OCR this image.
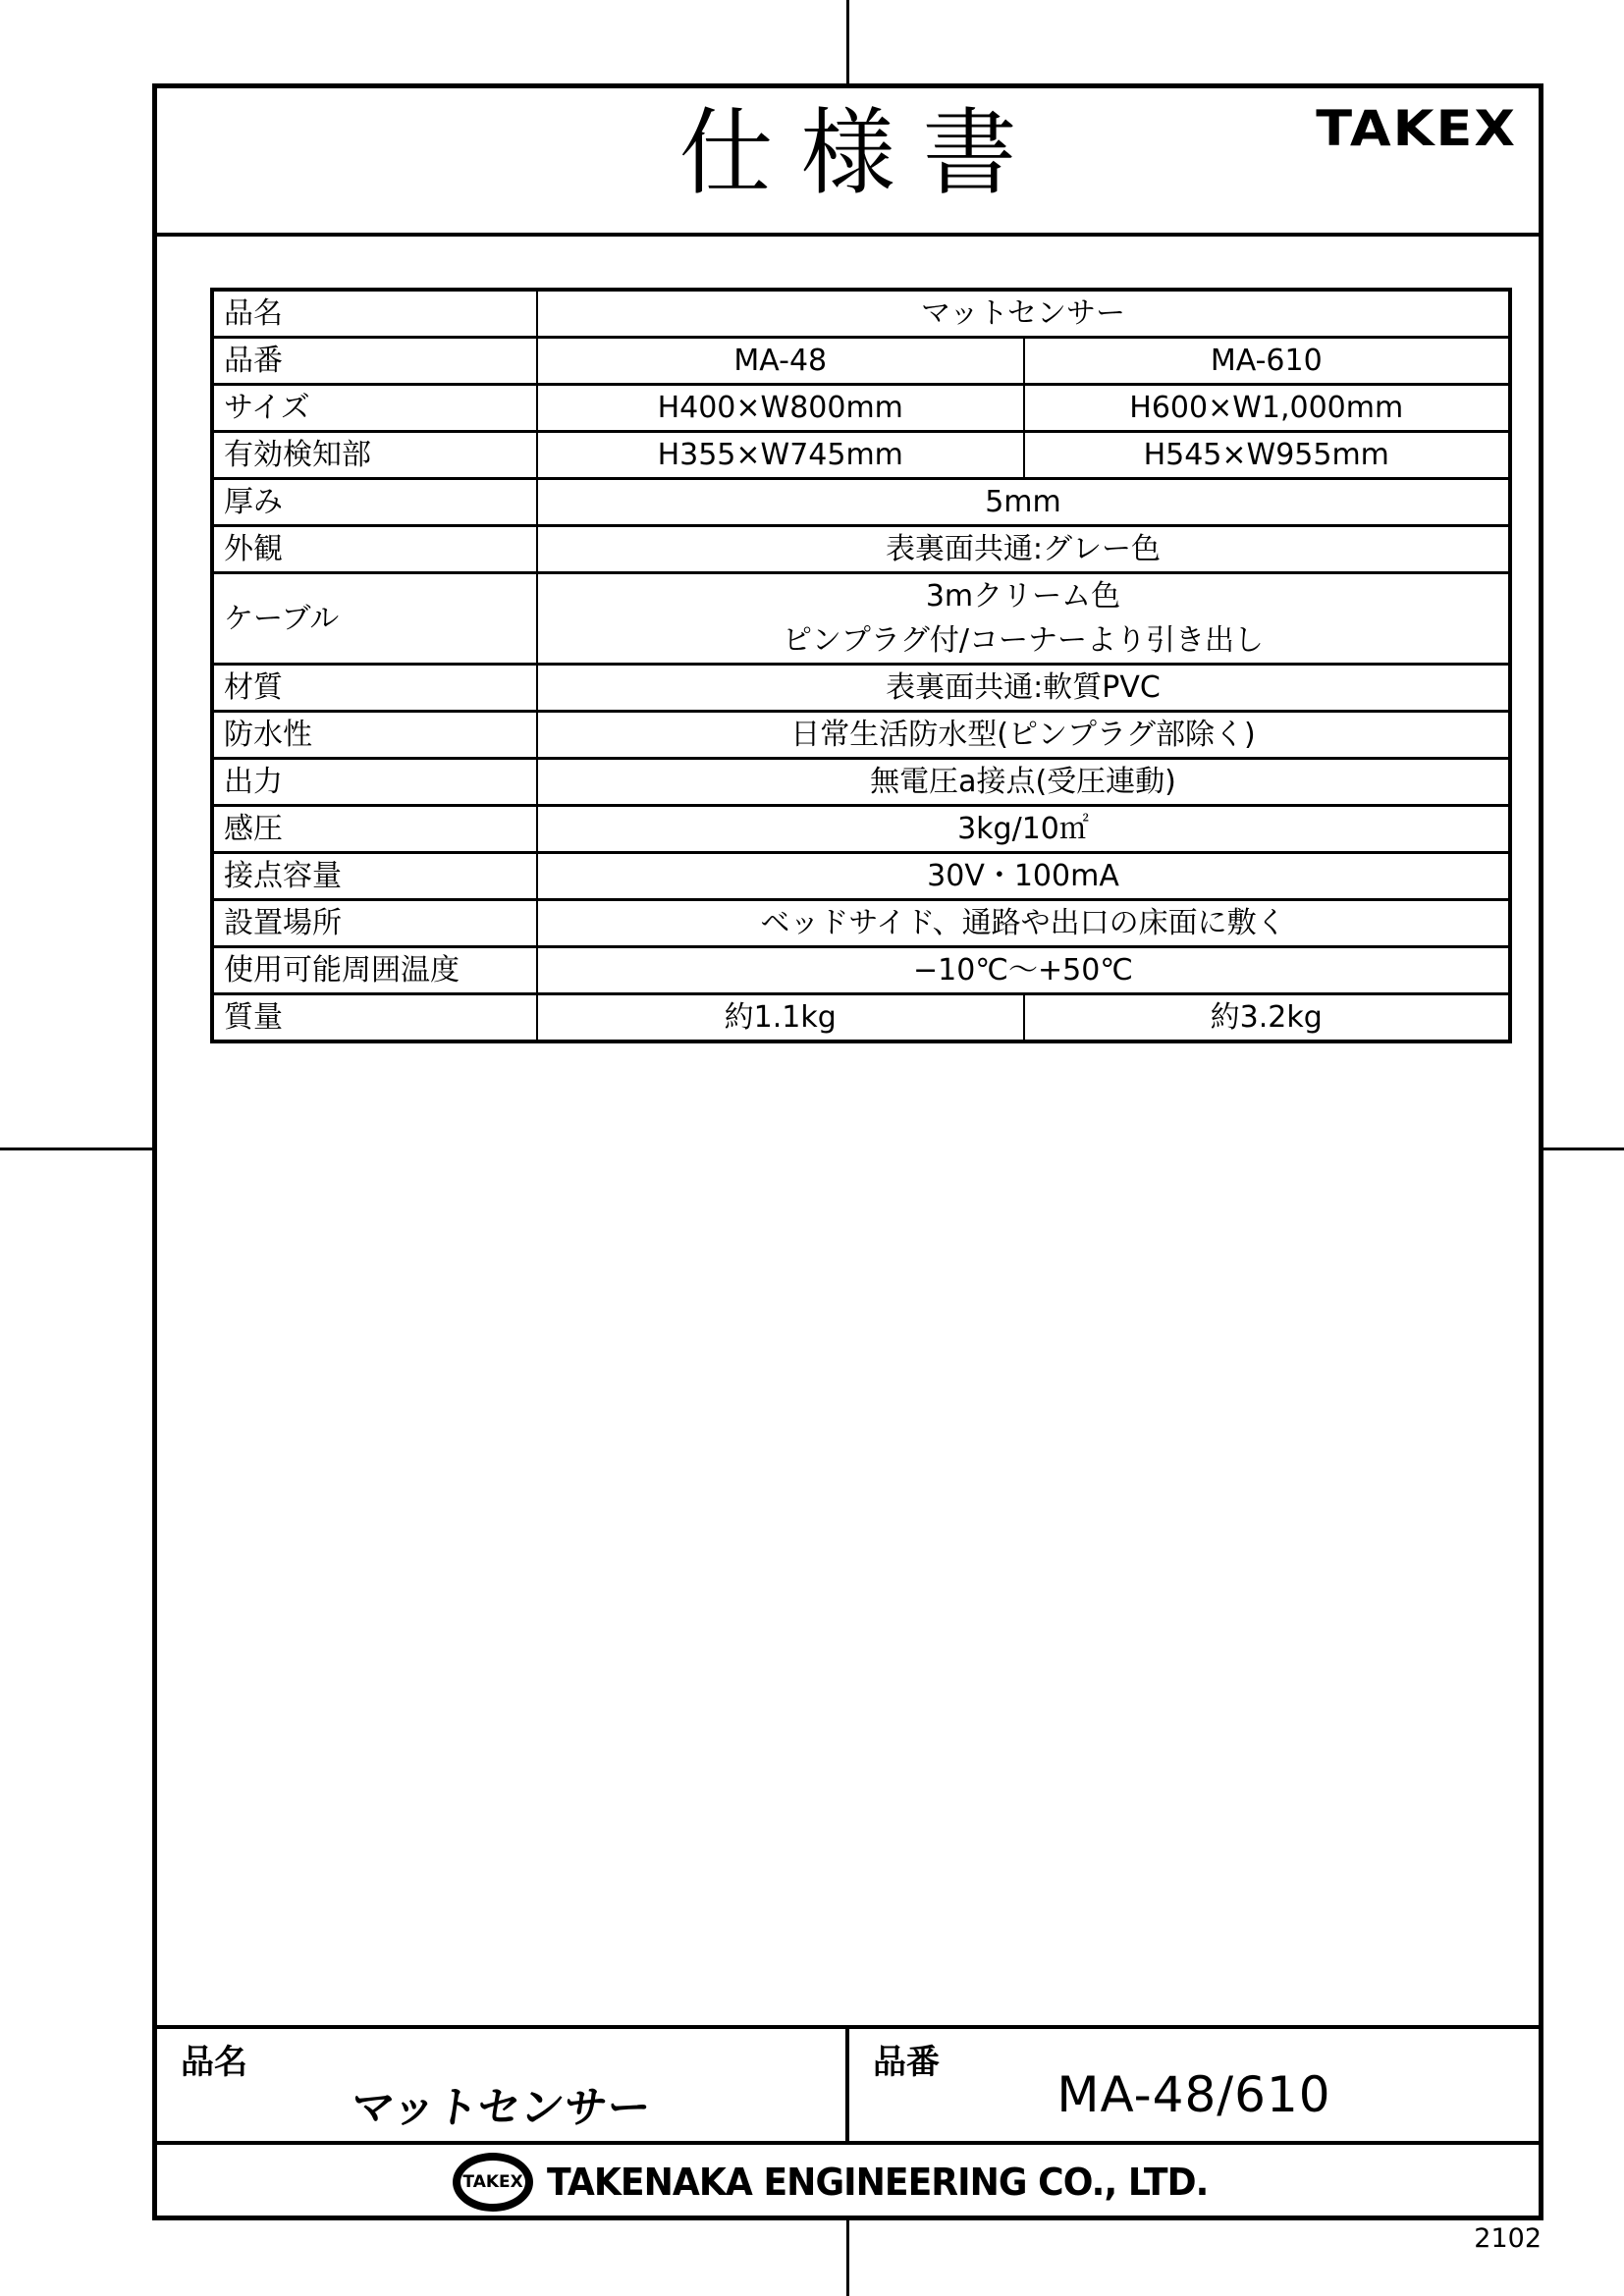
仕様書	TAKEX
品名	マットセンサー	
品番	MA-48	MA-610
サイズ	H400×W800mm	H600×W1,000mm
有効検知部	H355×W745mm	H545×W955mm
厚み	5mm	
外観	表裏面共通:グレー色	
ケーブル	3mクリーム色
ピンプラグ付/コーナーより引き出し	

材質	表裏面共通:軟質PVC	
防水性	日常生活防水型(ピンプラグ部除く)	
出力	無電圧a接点(受圧連動)	
感圧	3kg/10㎡	
接点容量	30V・100mA	
設置場所	ベッドサイド、通路や出口の床面に敷く	
使用可能周囲温度	−10℃〜+50℃	
質量	約1.1kg	約3.2kg
品名
マットセンサー
品番
MA-48/610
TAKEX TAKENAKA ENGINEERING CO., LTD.
2102
